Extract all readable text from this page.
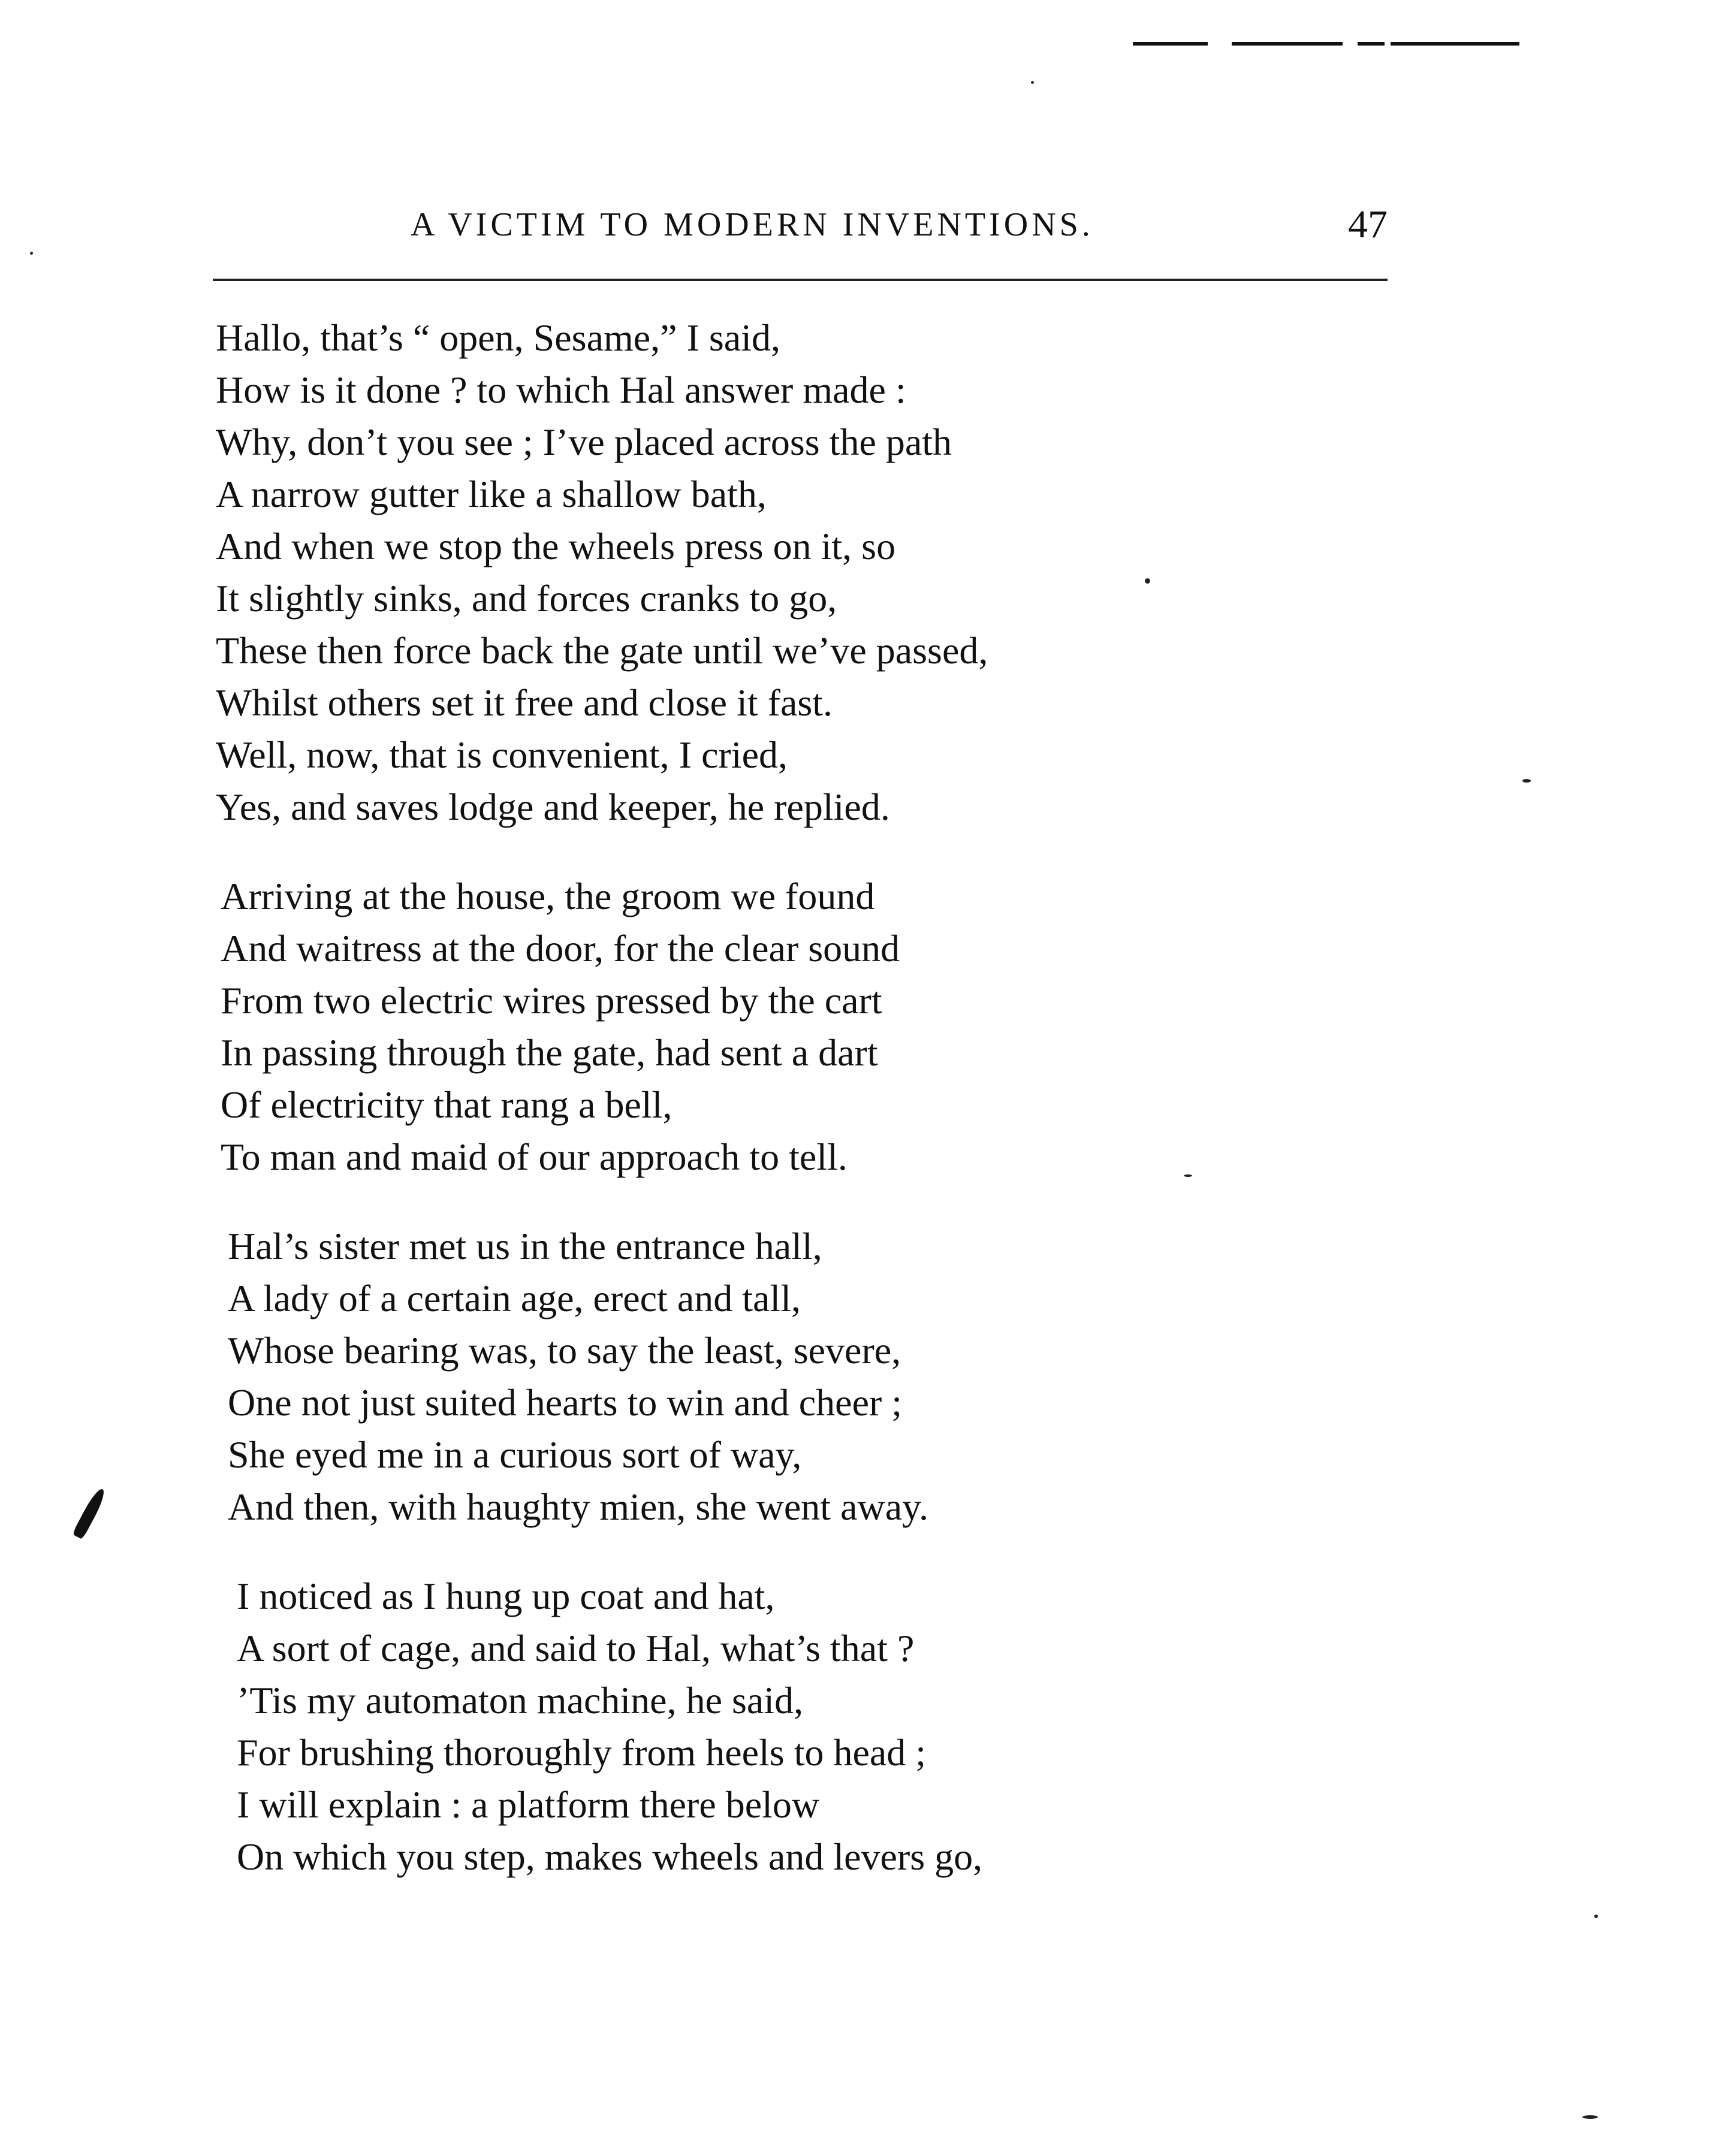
A VICTIM TO MODERN INVENTIONS.	47
Hallo, that’s “ open, Sesame,” I said,
How is it done ? to which Hal answer made :
Why, don’t you see ; I’ve placed across the path
A narrow gutter like a shallow bath,
And when we stop the wheels press on it, so
It slightly sinks, and forces cranks to go,
These then force back the gate until we’ve passed,
Whilst others set it free and close it fast.
Well, now, that is convenient, I cried,
Yes, and saves lodge and keeper, he replied.
Arriving at the house, the groom we found
And waitress at the door, for the clear sound
From two electric wires pressed by the cart
In passing through the gate, had sent a dart
Of electricity that rang a bell,
To man and maid of our approach to tell.
Hal’s sister met us in the entrance hall,
A lady of a certain age, erect and tall,
Whose bearing was, to say the least, severe,
One not just suited hearts to win and cheer ;
She eyed me in a curious sort of way,
And then, with haughty mien, she went away.
I noticed as I hung up coat and hat,
A sort of cage, and said to Hal, what’s that ?
’Tis my automaton machine, he said,
For brushing thoroughly from heels to head ;
I will explain : a platform there below
On which you step, makes wheels and levers go,
